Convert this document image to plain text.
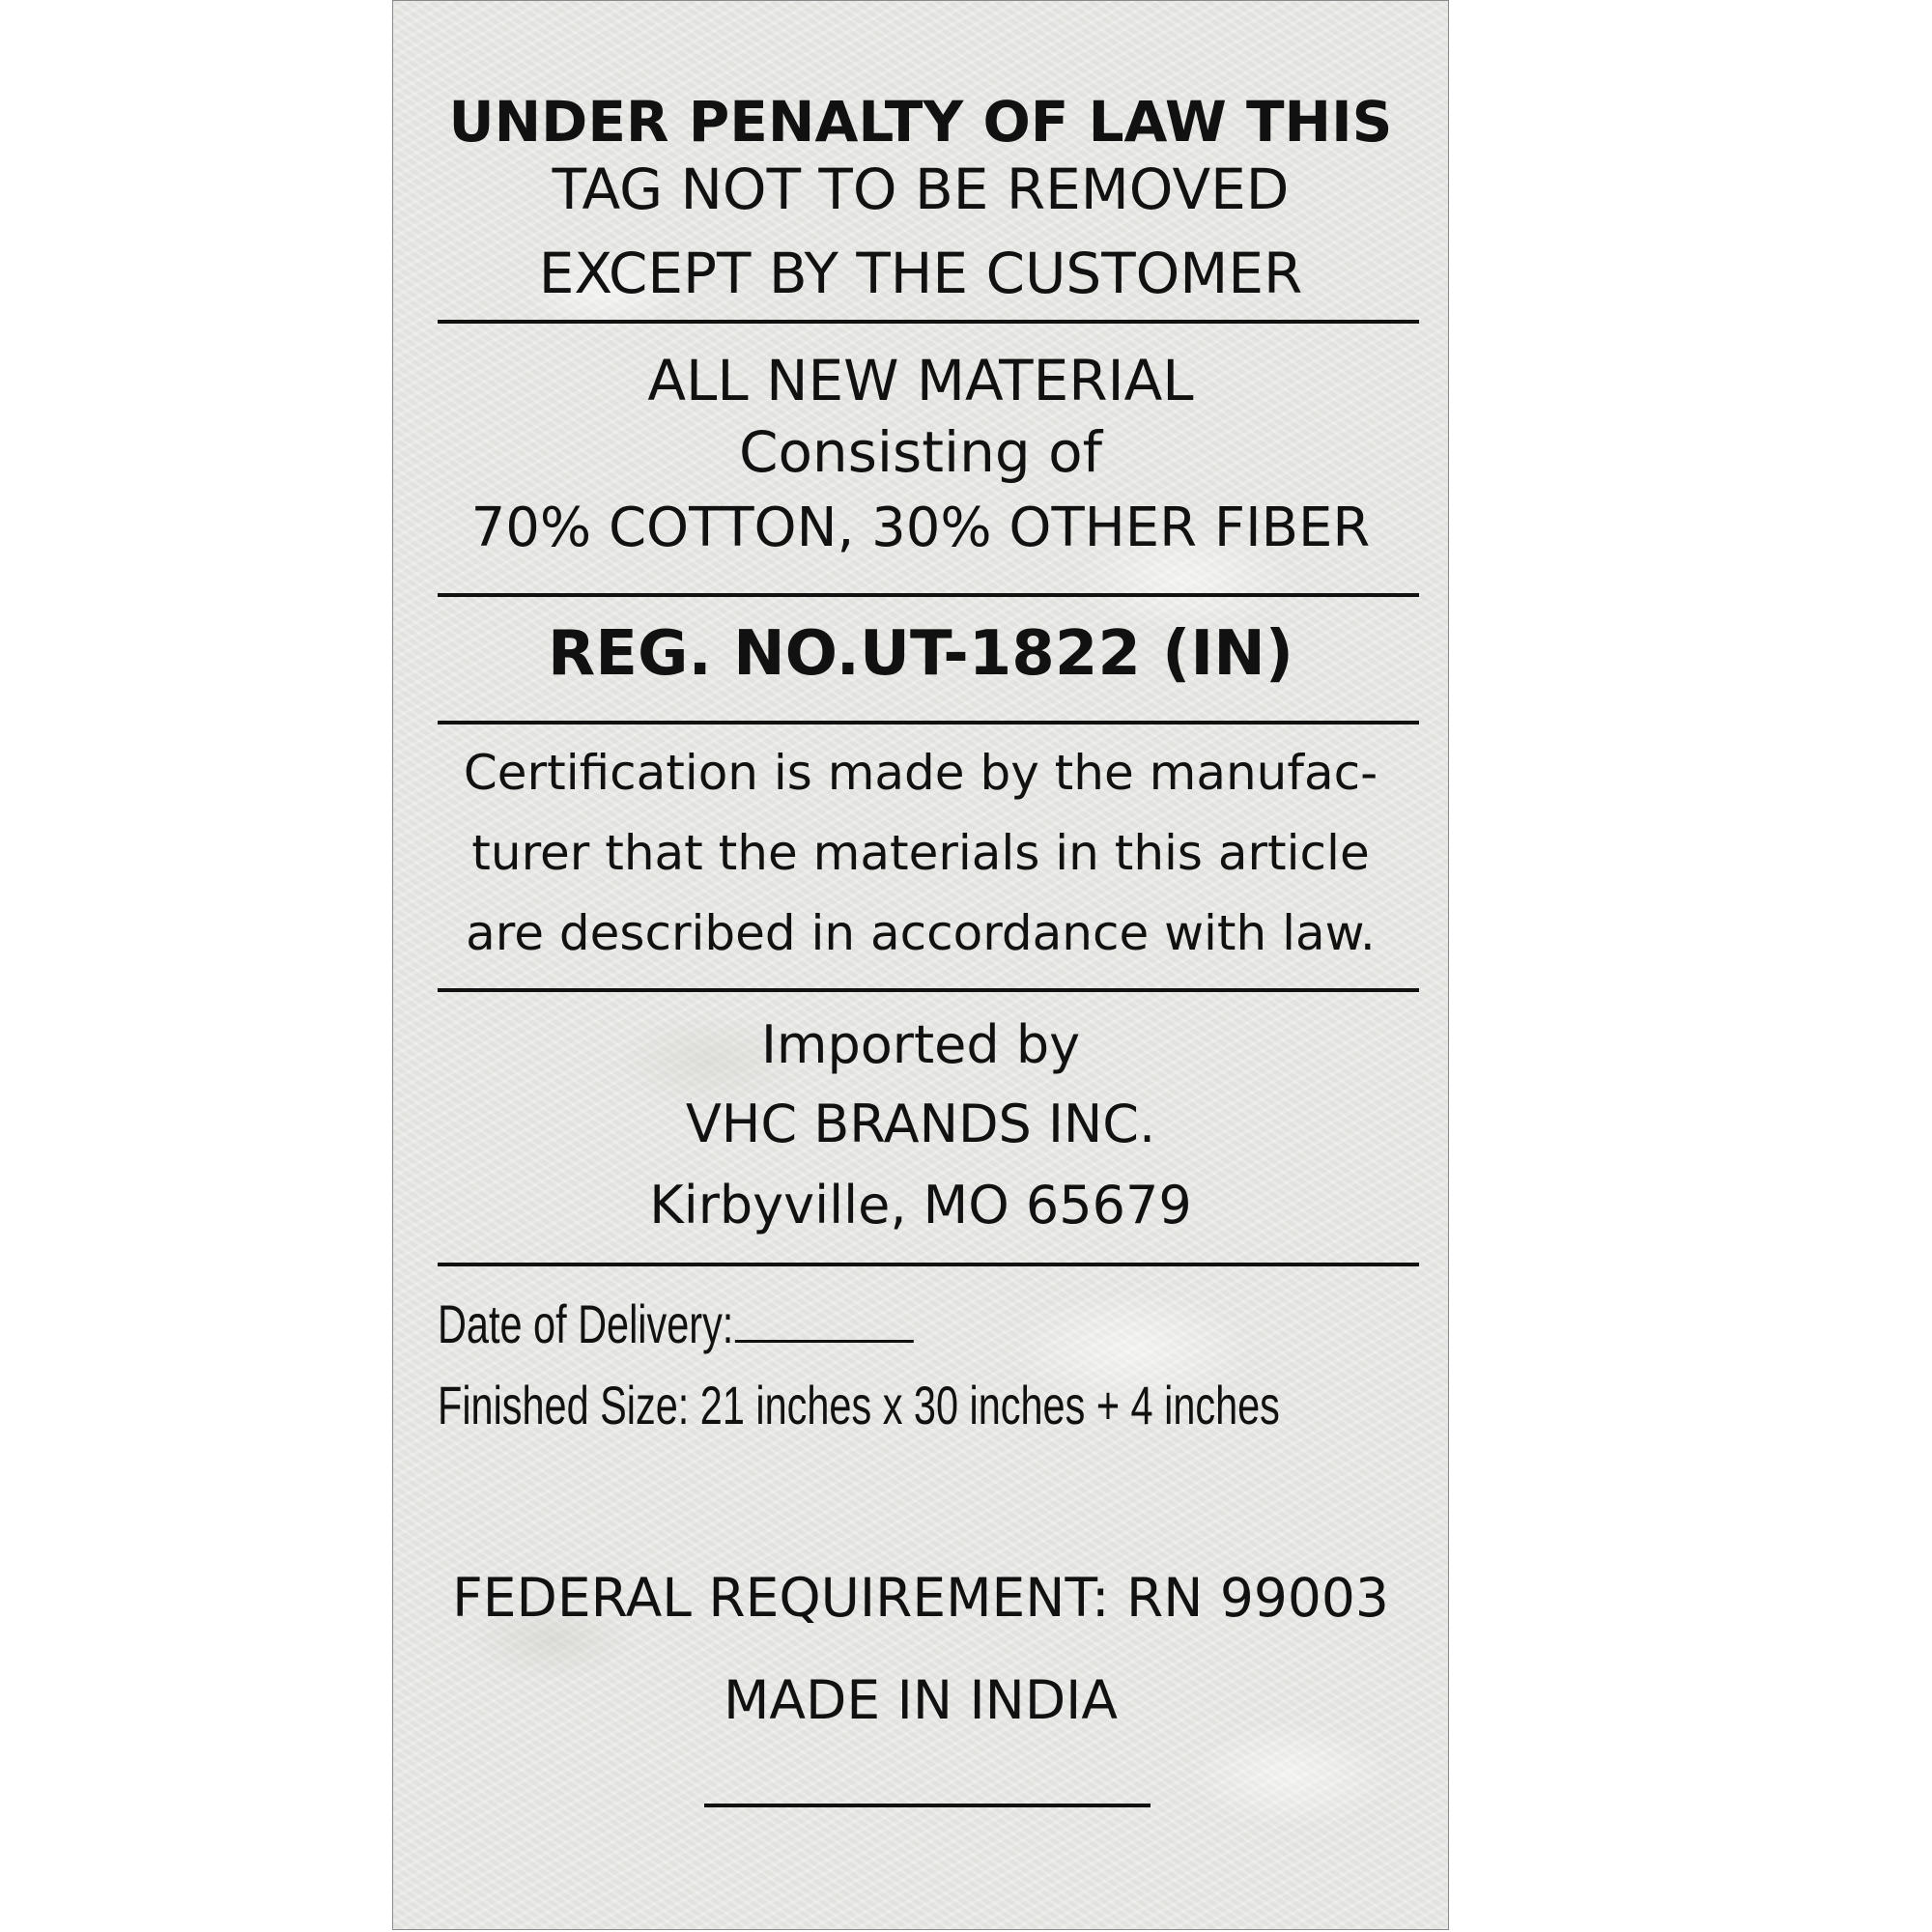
UNDER PENALTY OF LAW THIS
TAG NOT TO BE REMOVED
EXCEPT BY THE CUSTOMER
ALL NEW MATERIAL
Consisting of
70% COTTON, 30% OTHER FIBER
REG. NO.UT-1822 (IN)
Certification is made by the manufac-
turer that the materials in this article
are described in accordance with law.
Imported by
VHC BRANDS INC.
Kirbyville, MO 65679
Date of Delivery:
Finished Size: 21 inches x 30 inches + 4 inches
FEDERAL REQUIREMENT: RN 99003
MADE IN INDIA
